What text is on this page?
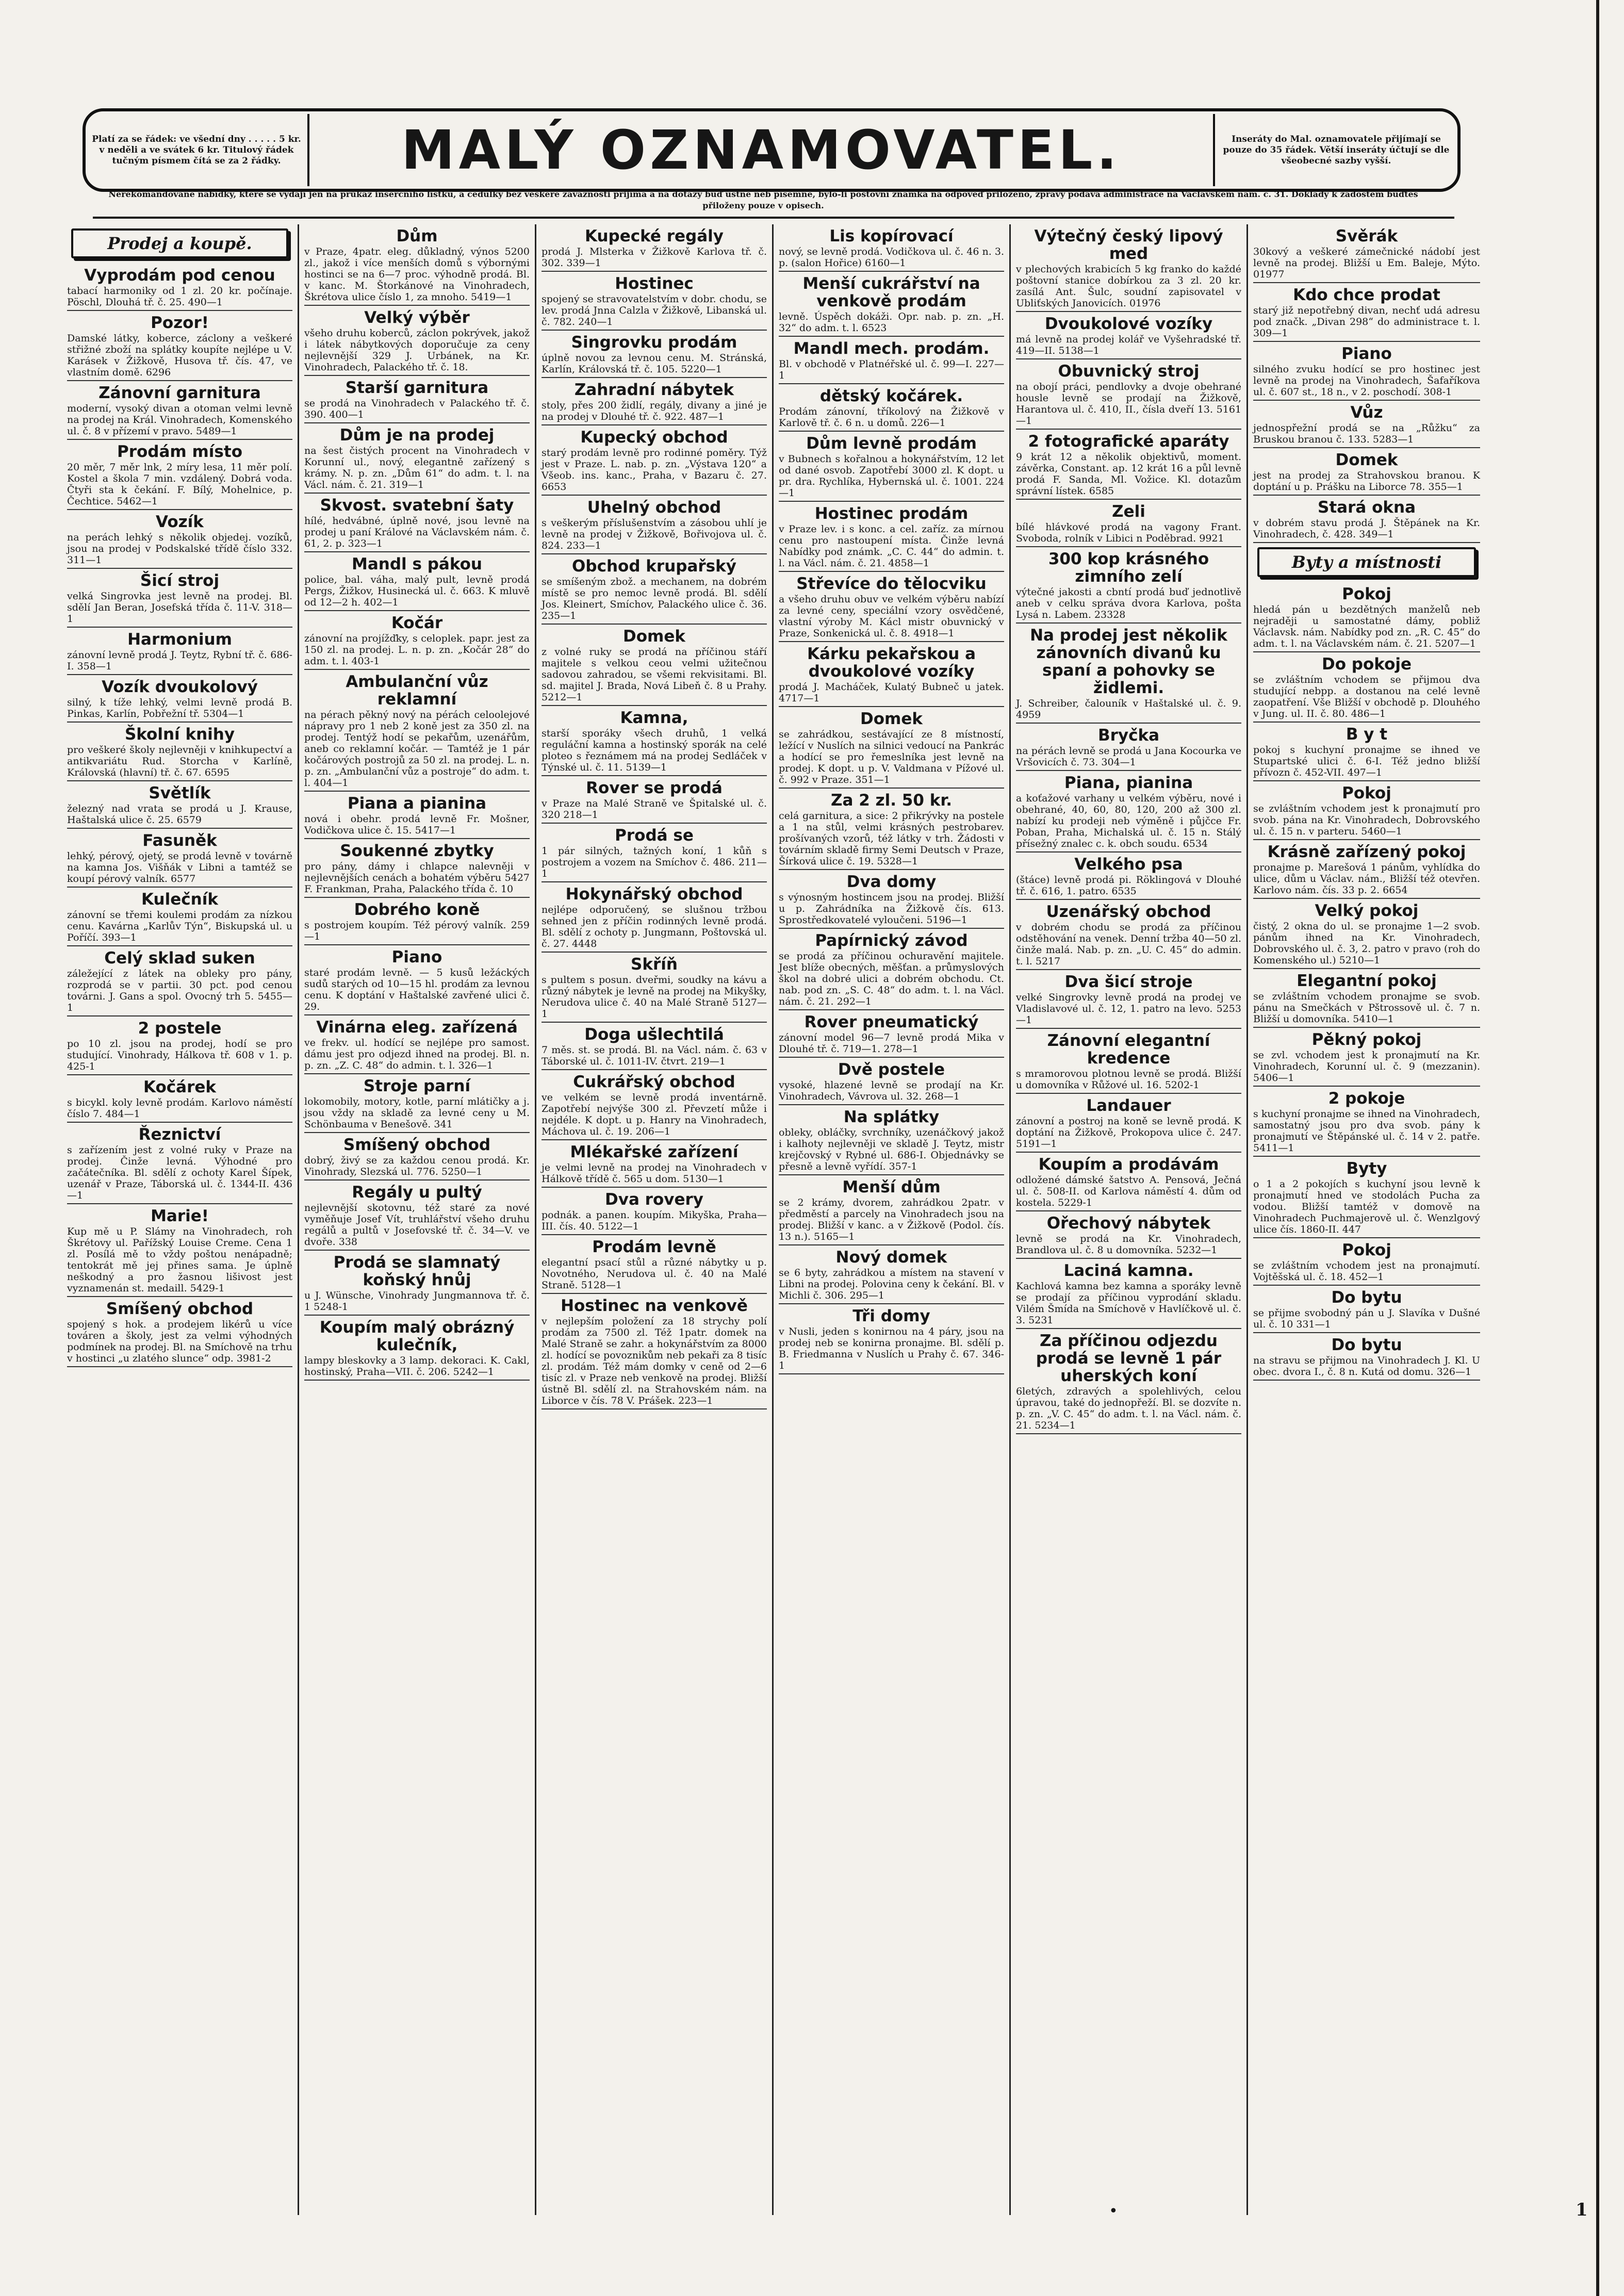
Platí za se řádek: ve všední dny . . . . . 5 kr. v neděli a ve svátek 6 kr. Titulový řádek tučným písmem čítá se za 2 řádky.	MALÝ OZNAMOVATEL.	Inseráty do Mal. oznamovatele přijímají se pouze do 35 řádek. Větší inseráty účtují se dle všeobecné sazby vyšší.
Nerekomandované nabídky, které se vydají jen na průkaz inserčního lístku, a cedulky bez veškeré závaznosti přijímá a na dotazy buď ústně neb písemně, bylo-li poštovní známka na odpověď přiloženo, zprávy podává administrace na Václavském nám. č. 31. Doklady k žádostem buďteš přiloženy pouze v opisech.
Prodej a koupě.
Vyprodám pod cenou

tabací harmoniky od 1 zl. 20 kr. počínaje. Pöschl, Dlouhá tř. č. 25. 490—1

Pozor!

Damské látky, koberce, záclony a veškeré střižné zboží na splátky koupíte nejlépe u V. Karásek v Žižkově, Husova tř. čís. 47, ve vlastním domě. 6296

Zánovní garnitura

moderní, vysoký divan a otoman velmi levně na prodej na Král. Vinohradech, Komenského ul. č. 8 v přízemí v pravo. 5489—1

Prodám místo

20 měr, 7 měr lnk, 2 míry lesa, 11 měr polí. Kostel a škola 7 min. vzdálený. Dobrá voda. Čtyři sta k čekání. F. Bílý, Mohelnice, p. Čechtice. 5462—1

Vozík

na perách lehký s několik objedej. vozíků, jsou na prodej v Podskalské třídě číslo 332. 311—1

Šicí stroj

velká Singrovka jest levně na prodej. Bl. sdělí Jan Beran, Josefská třída č. 11-V. 318—1

Harmonium

zánovní levně prodá J. Teytz, Rybní tř. č. 686-I. 358—1

Vozík dvoukolový

silný, k tíže lehký, velmi levně prodá B. Pinkas, Karlín, Pobřežní tř. 5304—1

Školní knihy

pro veškeré školy nejlevněji v knihkupectví a antikvariátu Rud. Storcha v Karlíně, Královská (hlavní) tř. č. 67. 6595

Světlík

železný nad vrata se prodá u J. Krause, Haštalská ulice č. 25. 6579

Fasuněk

lehký, pérový, ojetý, se prodá levně v továrně na kamna Jos. Višňák v Libni a tamtéž se koupí pérový valník. 6577

Kulečník

zánovní se třemi koulemi prodám za nízkou cenu. Kavárna „Karlův Týn“, Biskupská ul. u Poříčí. 393—1

Celý sklad suken

záležející z látek na obleky pro pány, rozprodá se v partii. 30 pct. pod cenou továrni. J. Gans a spol. Ovocný trh 5. 5455—1

2 postele

po 10 zl. jsou na prodej, hodí se pro studující. Vinohrady, Hálkova tř. 608 v 1. p. 425-1

Kočárek

s bicykl. koly levně prodám. Karlovo náměstí číslo 7. 484—1

Řeznictví

s zařízením jest z volné ruky v Praze na prodej. Činže levná. Výhodné pro začátečníka. Bl. sdělí z ochoty Karel Šípek, uzenář v Praze, Táborská ul. č. 1344-II. 436—1

Marie!

Kup mě u P. Slámy na Vinohradech, roh Škrétovy ul. Pařížský Louise Creme. Cena 1 zl. Posílá mě to vždy poštou nenápadně; tentokrát mě jej přines sama. Je úplně neškodný a pro žasnou lišivost jest vyznamenán st. medaill. 5429-1

Smíšený obchod

spojený s hok. a prodejem likérů u více továren a školy, jest za velmi výhodných podmínek na prodej. Bl. na Smíchově na trhu v hostinci „u zlatého slunce“ odp. 3981-2

Dům

v Praze, 4patr. eleg. důkladný, výnos 5200 zl., jakož i více menších domů s výbornými hostinci se na 6—7 proc. výhodně prodá. Bl. v kanc. M. Štorkánové na Vinohradech, Škrétova ulice číslo 1, za mnoho. 5419—1

Velký výběr

všeho druhu koberců, záclon pokrývek, jakož i látek nábytkových doporučuje za ceny nejlevnější 329 J. Urbánek, na Kr. Vinohradech, Palackého tř. č. 18.

Starší garnitura

se prodá na Vinohradech v Palackého tř. č. 390. 400—1

Dům je na prodej

na šest čistých procent na Vinohradech v Korunní ul., nový, elegantně zařízený s krámy. N. p. zn. „Dům 61“ do adm. t. l. na Václ. nám. č. 21. 319—1

Skvost. svatební šaty

hílé, hedvábné, úplně nové, jsou levně na prodej u paní Králové na Václavském nám. č. 61, 2. p. 323—1

Mandl s pákou

police, bal. váha, malý pult, levně prodá Pergs, Žižkov, Husinecká ul. č. 663. K mluvě od 12—2 h. 402—1

Kočár

zánovní na projížďky, s celoplek. papr. jest za 150 zl. na prodej. L. n. p. zn. „Kočár 28“ do adm. t. l. 403-1

Ambulanční vůz reklamní

na pérach pěkný nový na pérách celoolejové nápravy pro 1 neb 2 koně jest za 350 zl. na prodej. Tentýž hodí se pekařům, uzenářům, aneb co reklamní kočár. — Tamtéž je 1 pár kočárových postrojů za 50 zl. na prodej. L. n. p. zn. „Ambulanční vůz a postroje“ do adm. t. l. 404—1

Piana a pianina

nová i obehr. prodá levně Fr. Mošner, Vodičkova ulice č. 15. 5417—1

Soukenné zbytky

pro pány, dámy i chlapce nalevněji v nejlevnějších cenách a bohatém výběru 5427 F. Frankman, Praha, Palackého třída č. 10

Dobrého koně

s postrojem koupím. Též pérový valník. 259—1

Piano

staré prodám levně. — 5 kusů ležáckých sudů starých od 10—15 hl. prodám za levnou cenu. K doptání v Haštalské zavřené ulici č. 29.

Vinárna eleg. zařízená

ve frekv. ul. hodící se nejlépe pro samost. dámu jest pro odjezd ihned na prodej. Bl. n. p. zn. „Z. C. 48“ do admin. t. l. 326—1

Stroje parní

lokomobily, motory, kotle, parní mlátičky a j. jsou vždy na skladě za levné ceny u M. Schönbauma v Benešově. 341

Smíšený obchod

dobrý, živý se za každou cenou prodá. Kr. Vinohrady, Slezská ul. 776. 5250—1

Regály u pultý

nejlevnější skotovnu, též staré za nové vyměňuje Josef Vít, truhlářství všeho druhu regálů a pultů v Josefovské tř. č. 34—V. ve dvoře. 338

Prodá se slamnatý koňský hnůj

u J. Wünsche, Vinohrady Jungmannova tř. č. 1 5248-1

Koupím malý obrázný kulečník,

lampy bleskovky a 3 lamp. dekoraci. K. Cakl, hostinský, Praha—VII. č. 206. 5242—1

Kupecké regály

prodá J. Mlsterka v Žižkově Karlova tř. č. 302. 339—1

Hostinec

spojený se stravovatelstvím v dobr. chodu, se lev. prodá Jnna Calzla v Žižkově, Libanská ul. č. 782. 240—1

Singrovku prodám

úplně novou za levnou cenu. M. Stránská, Karlín, Královská tř. č. 105. 5220—1

Zahradní nábytek

stoly, přes 200 židlí, regály, divany a jiné je na prodej v Dlouhé tř. č. 922. 487—1

Kupecký obchod

starý prodám levně pro rodinné poměry. Týž jest v Praze. L. nab. p. zn. „Výstava 120“ a Všeob. ins. kanc., Praha, v Bazaru č. 27. 6653

Uhelný obchod

s veškerým příslušenstvím a zásobou uhlí je levně na prodej v Žižkově, Bořivojova ul. č. 824. 233—1

Obchod krupařský

se smíšeným zbož. a mechanem, na dobrém místě se pro nemoc levně prodá. Bl. sdělí Jos. Kleinert, Smíchov, Palackého ulice č. 36. 235—1

Domek

z volné ruky se prodá na příčinou stáří majitele s velkou ceou velmi užitečnou sadovou zahradou, se všemi rekvisitami. Bl. sd. majitel J. Brada, Nová Libeň č. 8 u Prahy. 5212—1

Kamna,

starší sporáky všech druhů, 1 velká reguláční kamna a hostinský sporák na celé ploteo s řeznámem má na prodej Sedláček v Týnské ul. č. 11. 5139—1

Rover se prodá

v Praze na Malé Straně ve Špitalské ul. č. 320 218—1

Prodá se

1 pár silných, tažných koní, 1 kůň s postrojem a vozem na Smíchov č. 486. 211—1

Hokynářský obchod

nejlépe odporučený, se slušnou tržbou sehned jen z příčin rodinných levně prodá. Bl. sdělí z ochoty p. Jungmann, Poštovská ul. č. 27. 4448

Skříň

s pultem s posun. dveřmi, soudky na kávu a různý nábytek je levně na prodej na Mikyšky, Nerudova ulice č. 40 na Malé Straně 5127—1

Doga ušlechtilá

7 měs. st. se prodá. Bl. na Václ. nám. č. 63 v Táborské ul. č. 1011-IV. čtvrt. 219—1

Cukrářský obchod

ve velkém se levně prodá inventárně. Zapotřebí nejvýše 300 zl. Převzetí může i nejdéle. K dopt. u p. Hanry na Vinohradech, Máchova ul. č. 19. 206—1

Mlékařské zařízení

je velmi levně na prodej na Vinohradech v Hálkově třídě č. 565 u dom. 5130—1

Dva rovery

podnák. a panen. koupím. Mikyška, Praha—III. čís. 40. 5122—1

Prodám levně

elegantní psací stůl a různé nábytky u p. Novotného, Nerudova ul. č. 40 na Malé Straně. 5128—1

Hostinec na venkově

v nejlepším položení za 18 strychy polí prodám za 7500 zl. Též 1patr. domek na Malé Straně se zahr. a hokynářstvím za 8000 zl. hodící se povoznikům neb pekaři za 8 tisíc zl. prodám. Též mám domky v ceně od 2—6 tisíc zl. v Praze neb venkově na prodej. Bližší ústně Bl. sdělí zl. na Strahovském nám. na Liborce v čís. 78 V. Prášek. 223—1

Lis kopírovací

nový, se levně prodá. Vodičkova ul. č. 46 n. 3. p. (salon Hořice) 6160—1

Menší cukrářství na venkově prodám

levně. Úspěch dokáži. Opr. nab. p. zn. „H. 32“ do adm. t. l. 6523

Mandl mech. prodám.

Bl. v obchodě v Platnéřské ul. č. 99—I. 227—1

dětský kočárek.

Prodám zánovní, tříkolový na Žižkově v Karlově tř. č. 6 n. u domů. 226—1

Dům levně prodám

v Bubnech s kořalnou a hokynářstvím, 12 let od dané osvob. Zapotřebí 3000 zl. K dopt. u pr. dra. Rychlíka, Hybernská ul. č. 1001. 224—1

Hostinec prodám

v Praze lev. i s konc. a cel. zaříz. za mírnou cenu pro nastoupení místa. Činže levná Nabídky pod známk. „C. C. 44“ do admin. t. l. na Václ. nám. č. 21. 4858—1

Střevíce do tělocviku

a všeho druhu obuv ve velkém výběru nabízí za levné ceny, speciální vzory osvědčené, vlastní výroby M. Kácl mistr obuvnický v Praze, Sonkenická ul. č. 8. 4918—1

Kárku pekařskou a dvoukolové vozíky

prodá J. Macháček, Kulatý Bubneč u jatek. 4717—1

Domek

se zahrádkou, sestávající ze 8 místností, ležící v Nuslích na silnici vedoucí na Pankrác a hodící se pro řemeslníka jest levně na prodej. K dopt. u p. V. Valdmana v Pížové ul. č. 992 v Praze. 351—1

Za 2 zl. 50 kr.

celá garnitura, a sice: 2 přikrývky na postele a 1 na stůl, velmi krásných pestrobarev. prošívaných vzorů, též látky v trh. Žádosti v továrním skladě firmy Semi Deutsch v Praze, Šírková ulice č. 19. 5328—1

Dva domy

s výnosným hostincem jsou na prodej. Bližší u p. Zahrádníka na Žižkově čís. 613. Sprostředkovatelé vyloučeni. 5196—1

Papírnický závod

se prodá za příčinou ochuravění majitele. Jest blíže obecných, měšťan. a průmyslových škol na dobré ulici a dobrém obchodu. Ct. nab. pod zn. „S. C. 48“ do adm. t. l. na Václ. nám. č. 21. 292—1

Rover pneumatický

zánovní model 96—7 levně prodá Mika v Dlouhé tř. č. 719—1. 278—1

Dvě postele

vysoké, hlazené levně se prodají na Kr. Vinohradech, Vávrova ul. 32. 268—1

Na splátky

obleky, obláčky, svrchníky, uzenáčkový jakož i kalhoty nejlevněji ve skladě J. Teytz, mistr krejčovský v Rybné ul. 686-I. Objednávky se přesně a levně vyřídí. 357-1

Menší dům

se 2 krámy, dvorem, zahrádkou 2patr. v předměstí a parcely na Vinohradech jsou na prodej. Bližší v kanc. a v Žižkově (Podol. čís. 13 n.). 5165—1

Nový domek

se 6 byty, zahrádkou a místem na stavení v Libni na prodej. Polovina ceny k čekání. Bl. v Michli č. 306. 295—1

Tři domy

v Nusli, jeden s konirnou na 4 páry, jsou na prodej neb se konirna pronajme. Bl. sdělí p. B. Friedmanna v Nuslích u Prahy č. 67. 346-1

Výtečný český lipový med

v plechových krabicích 5 kg franko do každé poštovní stanice dobírkou za 3 zl. 20 kr. zasílá Ant. Šulc, soudní zapisovatel v Ubliťských Janovicích. 01976

Dvoukolové vozíky

má levně na prodej kolář ve Vyšehradské tř. 419—II. 5138—1

Obuvnický stroj

na obojí práci, pendlovky a dvoje obehrané housle levně se prodají na Žižkově, Harantova ul. č. 410, II., čísla dveří 13. 5161—1

2 fotografické aparáty

9 krát 12 a několik objektivů, moment. závěrka, Constant. ap. 12 krát 16 a půl levně prodá F. Sanda, Ml. Vožice. Kl. dotazům správní lístek. 6585

Zeli

bílé hlávkové prodá na vagony Frant. Svoboda, rolník v Libici n Poděbrad. 9921

300 kop krásného zimního zelí

výtečné jakosti a cbntí prodá buď jednotlivě aneb v celku správa dvora Karlova, pošta Lysá n. Labem. 23328

Na prodej jest několik zánovních divanů ku spaní a pohovky se židlemi.

J. Schreiber, čalouník v Haštalské ul. č. 9. 4959

Bryčka

na pérách levně se prodá u Jana Kocourka ve Vršovicích č. 73. 304—1

Piana, pianina

a koťažové varhany u velkém výběru, nové i obehrané, 40, 60, 80, 120, 200 až 300 zl. nabízí ku prodeji neb výměně i půjčce Fr. Poban, Praha, Michalská ul. č. 15 n. Stálý přísežný znalec c. k. obch soudu. 6534

Velkého psa

(štáce) levně prodá pi. Röklingová v Dlouhé tř. č. 616, 1. patro. 6535

Uzenářský obchod

v dobrém chodu se prodá za příčinou odstěhování na venek. Denní tržba 40—50 zl. činže malá. Nab. p. zn. „U. C. 45“ do admin. t. l. 5217

Dva šicí stroje

velké Singrovky levně prodá na prodej ve Vladislavové ul. č. 12, 1. patro na levo. 5253—1

Zánovní elegantní kredence

s mramorovou plotnou levně se prodá. Bližší u domovníka v Růžové ul. 16. 5202-1

Landauer

zánovní a postroj na koně se levně prodá. K doptání na Žižkově, Prokopova ulice č. 247. 5191—1

Koupím a prodávám

odložené dámské šatstvo A. Pensová, Ječná ul. č. 508-II. od Karlova náměstí 4. dům od kostela. 5229-1

Ořechový nábytek

levně se prodá na Kr. Vinohradech, Brandlova ul. č. 8 u domovníka. 5232—1

Laciná kamna.

Kachlová kamna bez kamna a sporáky levně se prodají za příčinou vyprodání skladu. Vilém Šmída na Smíchově v Havlíčkově ul. č. 3. 5231

Za příčinou odjezdu prodá se levně 1 pár uherských koní

6letých, zdravých a spolehlivých, celou úpravou, také do jednopřeží. Bl. se dozvíte n. p. zn. „V. C. 45“ do adm. t. l. na Václ. nám. č. 21. 5234—1

Svěrák

30kový a veškeré zámečnické nádobí jest levně na prodej. Bližší u Em. Baleje, Mýto. 01977

Kdo chce prodat

starý již nepotřebný divan, nechť udá adresu pod značk. „Divan 298“ do administrace t. l. 309—1

Piano

silného zvuku hodící se pro hostinec jest levně na prodej na Vinohradech, Šafaříkova ul. č. 607 st., 18 n., v 2. poschodí. 308-1

Vůz

jednospřežní prodá se na „Růžku“ za Bruskou branou č. 133. 5283—1

Domek

jest na prodej za Strahovskou branou. K doptání u p. Prášku na Liborce 78. 355—1

Stará okna

v dobrém stavu prodá J. Štěpánek na Kr. Vinohradech, č. 428. 349—1

Byty a místnosti
Pokoj

hledá pán u bezdětných manželů neb nejraději u samostatné dámy, pobliž Václavsk. nám. Nabídky pod zn. „R. C. 45“ do adm. t. l. na Václavském nám. č. 21. 5207—1

Do pokoje

se zvláštním vchodem se přijmou dva studující nebpp. a dostanou na celé levně zaopatření. Vše Bližší v obchodě p. Dlouhého v Jung. ul. II. č. 80. 486—1

B y t

pokoj s kuchyní pronajme se ihned ve Stupartské ulici č. 6-I. Též jedno bližší přívozn č. 452-VII. 497—1

Pokoj

se zvláštním vchodem jest k pronajmutí pro svob. pána na Kr. Vinohradech, Dobrovského ul. č. 15 n. v parteru. 5460—1

Krásně zařízený pokoj

pronajme p. Marešová 1 pánům, vyhlídka do ulice, dům u Václav. nám., Bližší též otevřen. Karlovo nám. čís. 33 p. 2. 6654

Velký pokoj

čistý, 2 okna do ul. se pronajme 1—2 svob. pánům ihned na Kr. Vinohradech, Dobrovského ul. č. 3, 2. patro v pravo (roh do Komenského ul.) 5210—1

Elegantní pokoj

se zvláštním vchodem pronajme se svob. pánu na Smečkách v Pštrossově ul. č. 7 n. Bližší u domovníka. 5410—1

Pěkný pokoj

se zvl. vchodem jest k pronajmutí na Kr. Vinohradech, Korunní ul. č. 9 (mezzanin). 5406—1

2 pokoje

s kuchyní pronajme se ihned na Vinohradech, samostatný jsou pro dva svob. pány k pronajmutí ve Štěpánské ul. č. 14 v 2. patře. 5411—1

Byty

o 1 a 2 pokojích s kuchyní jsou levně k pronajmutí hned ve stodolách Pucha za vodou. Bližší tamtéž v domově na Vinohradech Puchmajerově ul. č. Wenzlgový ulice čís. 1860-II. 447

Pokoj

se zvláštním vchodem jest na pronajmutí. Vojtěšská ul. č. 18. 452—1

Do bytu

se přijme svobodný pán u J. Slavíka v Dušné ul. č. 10 331—1

Do bytu

na stravu se přijmou na Vinohradech J. Kl. U obec. dvora I., č. 8 n. Kutá od domu. 326—1

•	1
